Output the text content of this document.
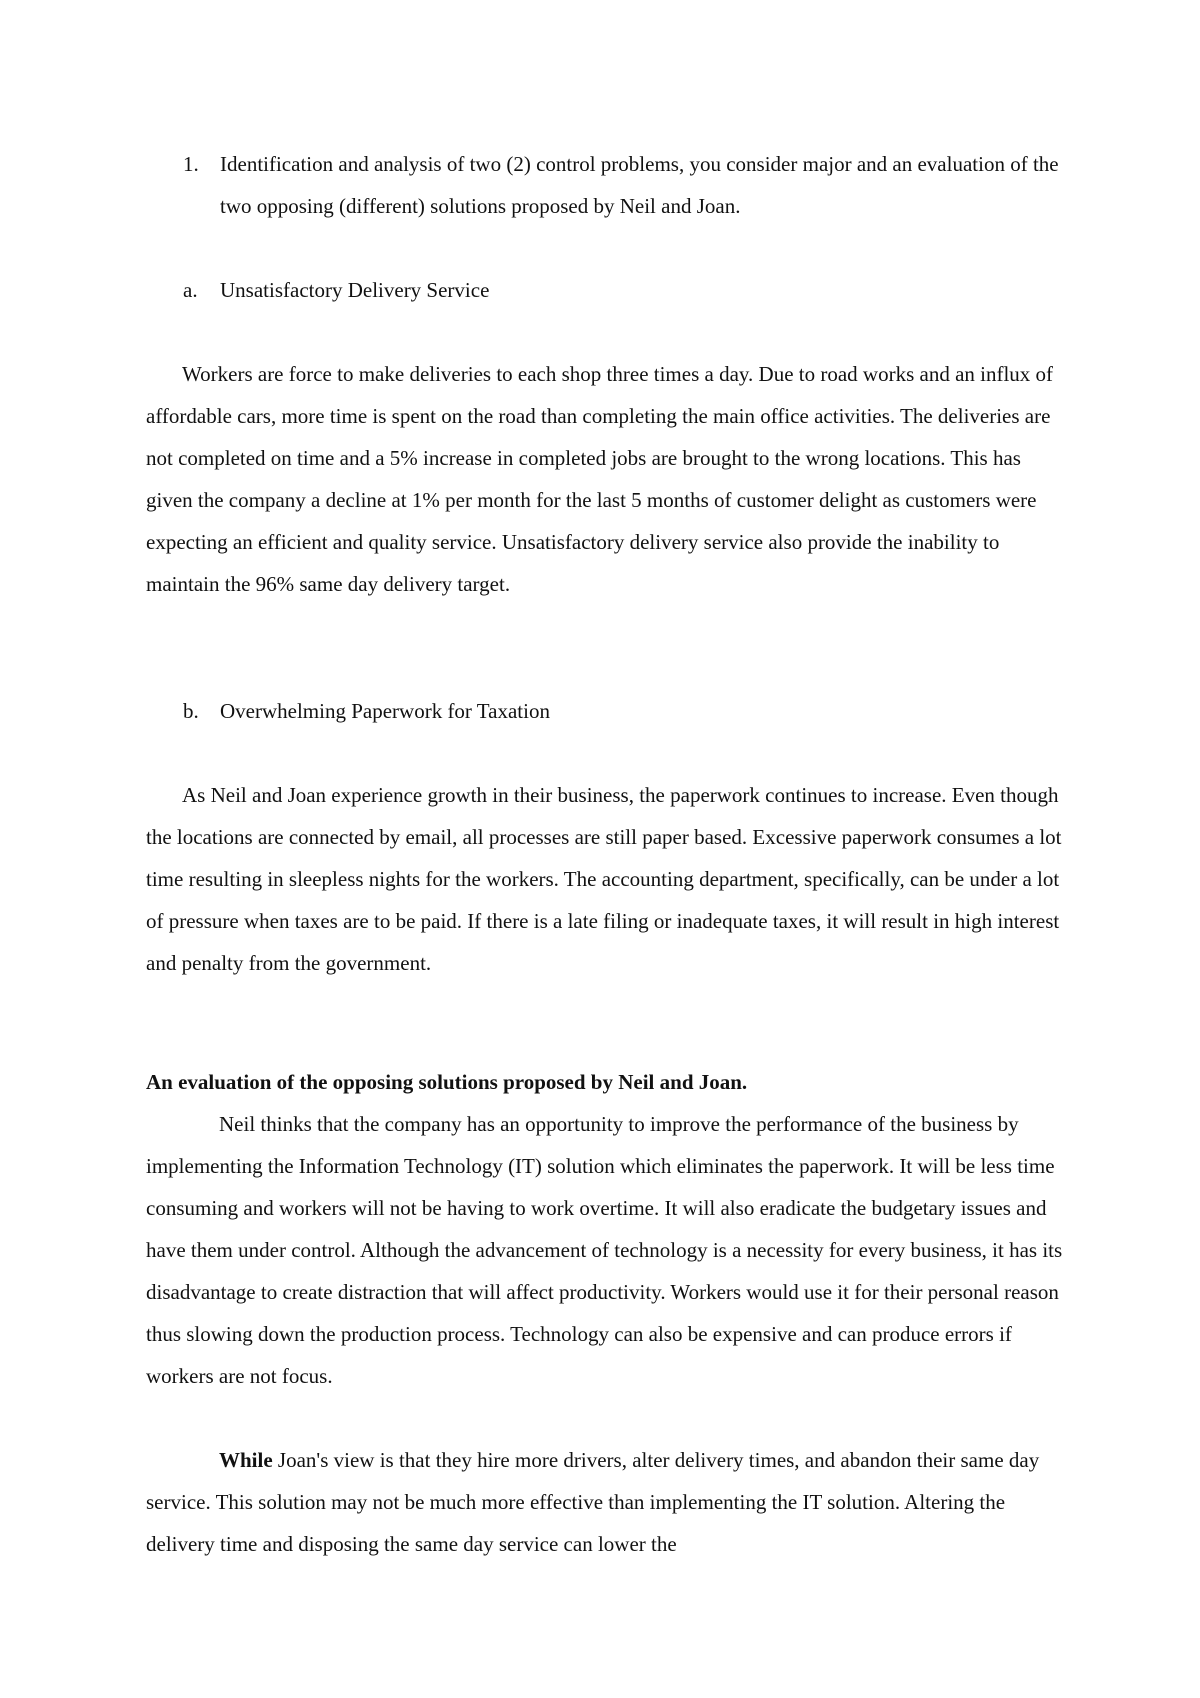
1.	Identification and analysis of two (2) control problems, you consider major and an evaluation of the two opposing (different) solutions proposed by Neil and Joan.
a. Unsatisfactory Delivery Service

Workers are force to make deliveries to each shop three times a day. Due to road works and an influx of affordable cars, more time is spent on the road than completing the main office activities. The deliveries are not completed on time and a 5% increase in completed jobs are brought to the wrong locations. This has given the company a decline at 1% per month for the last 5 months of customer delight as customers were expecting an efficient and quality service. Unsatisfactory delivery service also provide the inability to maintain the 96% same day delivery target.

b. Overwhelming Paperwork for Taxation

As Neil and Joan experience growth in their business, the paperwork continues to increase. Even though the locations are connected by email, all processes are still paper based. Excessive paperwork consumes a lot time resulting in sleepless nights for the workers. The accounting department, specifically, can be under a lot of pressure when taxes are to be paid. If there is a late filing or inadequate taxes, it will result in high interest and penalty from the government.

An evaluation of the opposing solutions proposed by Neil and Joan.

Neil thinks that the company has an opportunity to improve the performance of the business by implementing the Information Technology (IT) solution which eliminates the paperwork. It will be less time consuming and workers will not be having to work overtime. It will also eradicate the budgetary issues and have them under control. Although the advancement of technology is a necessity for every business, it has its disadvantage to create distraction that will affect productivity. Workers would use it for their personal reason thus slowing down the production process. Technology can also be expensive and can produce errors if workers are not focus.

While Joan's view is that they hire more drivers, alter delivery times, and abandon their same day service. This solution may not be much more effective than implementing the IT solution. Altering the delivery time and disposing the same day service can lower the
